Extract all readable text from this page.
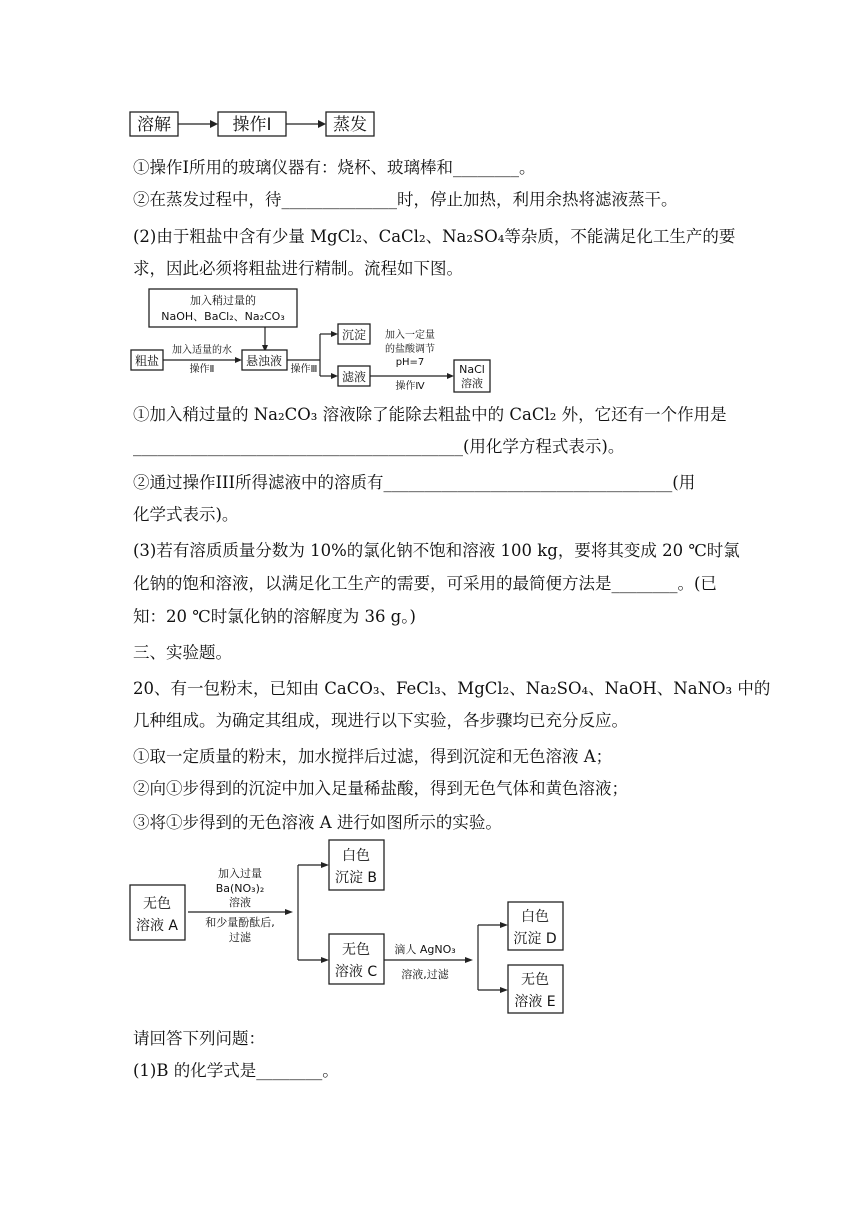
溶解	操作Ⅰ	蒸发
①操作I所用的玻璃仪器有：烧杯、玻璃棒和________。
②在蒸发过程中，待______________时，停止加热，利用余热将滤液蒸干。
(2)由于粗盐中含有少量 MgCl₂、CaCl₂、Na₂SO₄等杂质，不能满足化工生产的要
求，因此必须将粗盐进行精制。流程如下图。
加入稍过量的
NaOH、BaCl₂、Na₂CO₃
粗盐
加入适量的水
操作Ⅱ
悬浊液
操作Ⅲ
沉淀
滤液
加入一定量
的盐酸调节
pH=7
操作Ⅳ
NaCl
溶液
①加入稍过量的 Na₂CO₃ 溶液除了能除去粗盐中的 CaCl₂ 外，它还有一个作用是
________________________________________(用化学方程式表示)。
②通过操作III所得滤液中的溶质有___________________________________(用
化学式表示)。
(3)若有溶质质量分数为 10%的氯化钠不饱和溶液 100 kg，要将其变成 20 ℃时氯
化钠的饱和溶液，以满足化工生产的需要，可采用的最简便方法是________。(已
知：20 ℃时氯化钠的溶解度为 36 g。)
三、实验题。
20、有一包粉末，已知由 CaCO₃、FeCl₃、MgCl₂、Na₂SO₄、NaOH、NaNO₃ 中的
几种组成。为确定其组成，现进行以下实验，各步骤均已充分反应。
①取一定质量的粉末，加水搅拌后过滤，得到沉淀和无色溶液 A；
②向①步得到的沉淀中加入足量稀盐酸，得到无色气体和黄色溶液；
③将①步得到的无色溶液 A 进行如图所示的实验。
无色
溶液 A
加入过量
Ba(NO₃)₂
溶液
和少量酚酞后,
过滤
白色
沉淀 B
无色
溶液 C
滴人 AgNO₃
溶液,过滤
白色
沉淀 D
无色
溶液 E
请回答下列问题：
(1)B 的化学式是________。
